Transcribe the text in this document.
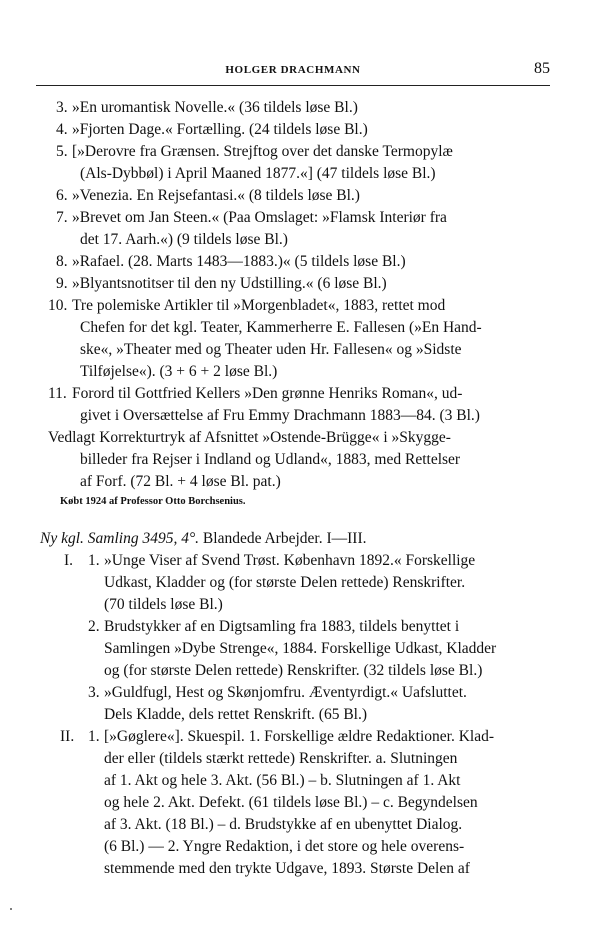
HOLGER DRACHMANN	85
3. »En uromantisk Novelle.« (36 tildels løse Bl.)
4. »Fjorten Dage.« Fortælling. (24 tildels løse Bl.)
5. [»Derovre fra Grænsen. Strejftog over det danske Termopylæ
(Als-Dybbøl) i April Maaned 1877.«] (47 tildels løse Bl.)
6. »Venezia. En Rejsefantasi.« (8 tildels løse Bl.)
7. »Brevet om Jan Steen.« (Paa Omslaget: »Flamsk Interiør fra
det 17. Aarh.«) (9 tildels løse Bl.)
8. »Rafael. (28. Marts 1483—1883.)« (5 tildels løse Bl.)
9. »Blyantsnotitser til den ny Udstilling.« (6 løse Bl.)
10. Tre polemiske Artikler til »Morgenbladet«, 1883, rettet mod
Chefen for det kgl. Teater, Kammerherre E. Fallesen (»En Hand-
ske«, »Theater med og Theater uden Hr. Fallesen« og »Sidste
Tilføjelse«). (3 + 6 + 2 løse Bl.)
11. Forord til Gottfried Kellers »Den grønne Henriks Roman«, ud-
givet i Oversættelse af Fru Emmy Drachmann 1883—84. (3 Bl.)
Vedlagt Korrekturtryk af Afsnittet »Ostende-Brügge« i »Skygge-
billeder fra Rejser i Indland og Udland«, 1883, med Rettelser
af Forf. (72 Bl. + 4 løse Bl. pat.)
Købt 1924 af Professor Otto Borchsenius.
Ny kgl. Samling 3495, 4°. Blandede Arbejder. I—III.
I. 1. »Unge Viser af Svend Trøst. København 1892.« Forskellige
Udkast, Kladder og (for største Delen rettede) Renskrifter.
(70 tildels løse Bl.)
2. Brudstykker af en Digtsamling fra 1883, tildels benyttet i
Samlingen »Dybe Strenge«, 1884. Forskellige Udkast, Kladder
og (for største Delen rettede) Renskrifter. (32 tildels løse Bl.)
3. »Guldfugl, Hest og Skønjomfru. Æventyrdigt.« Uafsluttet.
Dels Kladde, dels rettet Renskrift. (65 Bl.)
II. 1. [»Gøglere«]. Skuespil. 1. Forskellige ældre Redaktioner. Klad-
der eller (tildels stærkt rettede) Renskrifter. a. Slutningen
af 1. Akt og hele 3. Akt. (56 Bl.) – b. Slutningen af 1. Akt
og hele 2. Akt. Defekt. (61 tildels løse Bl.) – c. Begyndelsen
af 3. Akt. (18 Bl.) – d. Brudstykke af en ubenyttet Dialog.
(6 Bl.) — 2. Yngre Redaktion, i det store og hele overens-
stemmende med den trykte Udgave, 1893. Største Delen af
